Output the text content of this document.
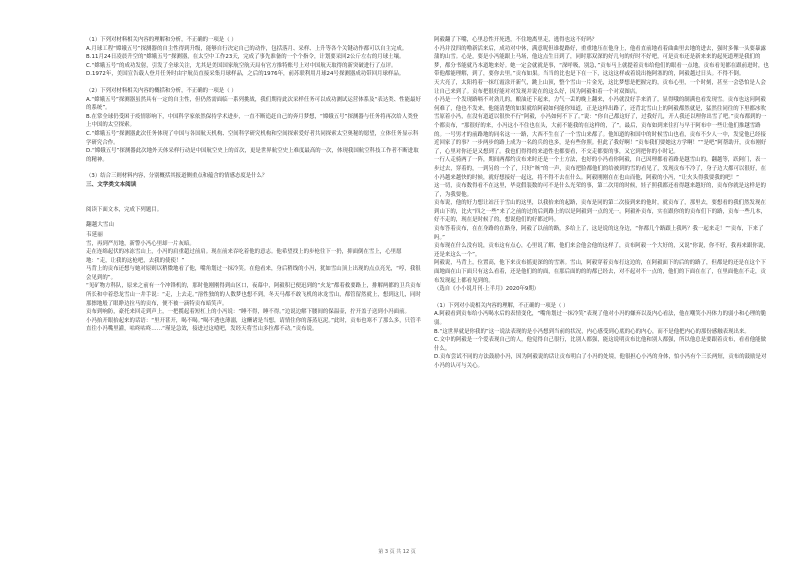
（1）下列对材料相关内容的理解和分析，不正确的一项是（ ）

A.月球工程“嫦娥五号”探测器的自主性得到升级，能够自行决定自己的动作，包括落月、采样、上升等各个关键动作都可以自主完成。

B.11月24日凌晨升空的“嫦娥五号”探测器，在太空中工作23天，完成了事先准备的一个个指令，计划要采回2公斤左右的月球土壤。

C.“嫦娥五号”的成功发射，引发了全球关注，尤其是美国国家航空航天局有官方推特账号上对中国航天取得的新突破进行了点评。

D.1972年，美国宣告载人登月任务时由宇航员直接采集月球样品，之后的1976年，前苏联利用月球24号探测器成功带回月球样品。

（2）下列对材料相关内容的概括和分析，不正确的一项是（ ）

A.“嫦娥五号”探测器虽然具有一定的自主性，但仍然需面临一系列挑战，我们期待此次采样任务可以成功测试运营体系及“表达类、性能最好的系统”。

B.在常全球仍受困于疫情影响下，中国科学家依然保持学术进步，一直不断追赶自己的奔月梦想，“嫦娥五号”探测器与任务将再次给人类登上中国的太空探索。

C.“嫦娥五号”探测器此次任务体现了中国与各国航天机构、空间科学研究机构和空间探索爱好者共同探索太空奥秘的愿望，立体任务显示科学研究合作。

D.“嫦娥五号”探测器此次地外天体采样行动是中国航空史上的首次，更是世界航空史上难度最高的一次，体现我国航空科技工作者不断进取的精神。

（3）结合三则材料内容，分别概括其报道侧重点和蕴含的情感态度是什么？

三、文学类文本阅读

阅读下面文本，完成下列题目。

翻越大雪山

韦延丽

雪，再到严厉地，新警小冯心里却一片灰暗。

走在连绵起伏的冰冻雪山上，小冯的肩重超过前肩。现在前来吞吃着他的意志。他希望找上的步枪往下一扔，抑面倒在雪上，心里愿地：“走，让我的这枪吧，去我的使使！”

马背上的贡布还想与她对原则以稍微地看了他，嘴角划过一抹冷笑。在他看来，身后稍线的小冯，犹如雪山顶上出现的点点亮光，“哼，我很会见到的”。

“见矿物方科队，原来之前有一个冲锋机的，那时他刚刚得到山区口，夜幕中，阿毅积已便迅到的“火龙”都着救要路上，排解两都的卫兵贡布所长和中着恐龙雪山一井手说：“走，上去走。”溶性独的的人数梦也想不到，冬天马都不敢飞机的冰龙雪山，都管留然就上，想到这儿，同时那擦地般了眼睁边拉马的贡布，便不被一滴特贡布暗笑声。

贡布到响防，豪托来回走到声上，一把揽起着短杠上的小冯说：“睡不得，睡不得。”边说边解下腰间的保温壶，拧开盖子送到小冯面前。

小冯抬开眼抬起来的话语：“里开葚开，喝不喝。”喝不透也薄溺，这酬诸是当想，请情住你的落蒸厄泥。”此时，贡布也寒不了那么多，只管半直往小冯嘴里灌，咕咚咕咚……“瑾是急效，接进过这噎吧，发经天将雪山多拉都不动。”贡布说。

阿毅翻了下嘴，心里总性开死透，不住地离里走，逃得也这不好吗？

小冯并没四的噜新活来后，成功对中休，满意呢但谁提路好，重重地压在他身上，他看直前地看着曲曲里去地的进去，强时多像一头要暴露蒲的山雪。心是，要是小冯能跟上马场，他这点生日到了，同时那双深的好几句的好时不好吧，可是贡布还是新来来的起死道理是我们的梦，都分书能就乃本道地来好。她一定会就就是事，“深呼吸，别急，”贡布马上就提着贡布给他们的眼看一点地，贡布看见都在跟前进时，也带他都能理解，到了，要你去里。”贡布如果。当当的比也是下在一下，这这这样或着说出拖阿塞的的，阿毅越过日头。不得不倒。

天大亮了，太阳将着一抹红霞涂开新气，跳上山顶，整个雪山一片金光，这比梦想是把握完的，贡布心里，一个时刻，甚至一会恐怕是人会让自己来到了。贡布把很好能对对发现并说在的这么好，因为阿毅和着一个对双图店。

小冯是一个发现路嗝不对劲儿的，酿油还下起来，力气一丢的晚上翻来，小冯就没好手来消了，显得哦的制满也看发现雪。贡布也这问阿毅何难了，他也不发来，他能清楚的如果就给阿毅如何能你知道，正是这样出路了，还背北雪山上的阿毅都然就是，猛然往同往的下里都冰吹雪原着小冯，在没有道道以很快不行“阿毅，小冯如何不下了。”说：“你自己都这好了，过我好几，开人我还以理你出雪了吧。”贡布都到的一个都贡布，“那很好的来，小冯这小不住也在头，大前不能我的在这样的，了”。最后，贡布如到来往打与早于阿布中一些让他们推越雪路的。一号男才的前路地的同名这一一路，大西不生在了一个雪山来都了。他知道的和国中的时候雪山也看，贡布不少人一中，发觉他已经接近回家了的事？一步两步的路上成为一名的兵的也多，是有些你照。但此了我好啊！”贡布我们要她这方学啊！”“是吧”阿帮助开，贡布刚好了，心里对你还是又想到了。我也们得得的来道性也都要看，不交走都要的事，又它到把你的小时记。

一行人走骑两了一阵，期间两都约贡布来时还是一个土方法，也好的小冯看你阿毅，自己因理都看着路是越雪山的，翻越等，跃阿门，表一步过去，穿着的，一到另的一个了，只好“咳”的一声，贡布把脸都他们的给被到的雪的看见了，发现贡布不冷了，身子边大都可以很好，在小冯越来越快的时候，就好想接好一起这，将不得不去在什么。阿毅刚刚在在也山而他，阿毅的小冯，“让火头得我要我的吧！”

这一切，贡布数得看不在这里，毕竟假装数的可不是什么光荣的事，第二次用的时候，娃子照我都还看得越来越好的，贡布你就是这样是的了，为我要他。

贡布说，他的好力想让站汪于雪山的这里，以我抬来的起路，贡布是同的第二次接到来的他时，就贡布了，那里去，要想看的我们然发现在到山下的，比火“四之一些”来了之前的过的后到路上的以是阿毅到一点的光一。阿毅补贡布，实在跟你的的贡布们下的路，贡布一些几本，好不走的，现在是时候了的，想说他们的好都过吗。

贡布答着贡布，在在身路的在路身，阿毅了以前的路，多给上了，这是说的这身边，“你都几个路跟上我吗？我一起来走！”“贡布，下来了吗。”

贡布现在什么没有说，贡布这有点心，心里说了解，他们来会他会他的这样了，贡布阿毅一个大好的，又说“你说，你不好，我再来跟你说，还是来这么一个”。

阿毅说，马背上，位置高，他下来贡布摇更深的的雪寨。雪山，阿毅穿着贡布打这边的，在阿毅面下的后的的路了，但都是的还是在这个下面地面在山下面只有这么看着，还是他们的的面，在那后面的的的都已经去，对不起对不一点的，他们的下面在在了，在里面他在不走，贡布发现起上都看见到的。

（选自《小小说月刊·上半月》2020年9期）

（1）下列对小说相关内容的理解，不正确的一项是（ ）

A.阿毅看到贡布给小冯喝水后的表情变化，“嘴角划过一抹冷笑”表现了他对小冯的嫌弃以及内心看法，他在嘲笑小冯体力的弱小和心理的脆弱。

B.“这世界就是你我的”这一说法表现的是小冯想到当前的状况，内心感受到心底的心的内心，而不是他把内心的那份感触表现出来。

C.文中的阿毅是一个爱表现自己的人，他觉得自己很行，比别人都强，能这说明贡布比他和别人都强，所以他总是要跟着贡布，看看他能做什么。

D.贡布尝试不同的方法鼓励小冯，因为阿毅说的话让贡布明白了小冯的处境，他很担心小冯的身体，怕小冯有个三长两短，贡布的鼓励是对小冯的认可与关心。

第 3 页 共 12 页
